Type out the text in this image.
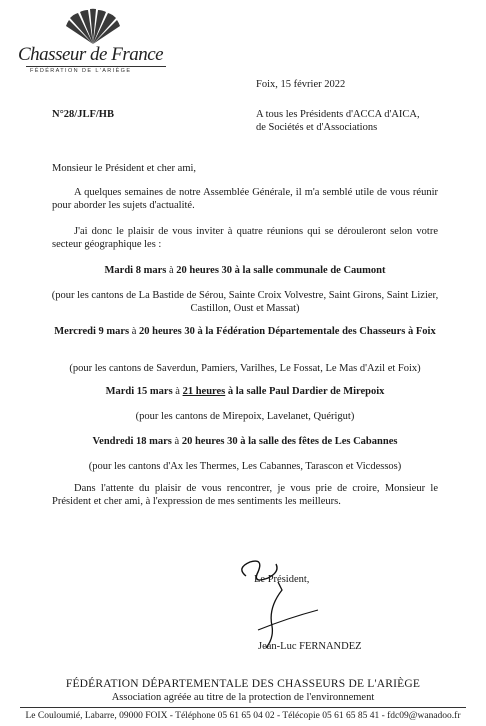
Chasseur de France
FÉDÉRATION DE L'ARIÈGE
Foix, 15 février 2022
N°28/JLF/HB	A tous les Présidents d'ACCA d'AICA,
de Sociétés et d'Associations
Monsieur le Président et cher ami,
A quelques semaines de notre Assemblée Générale, il m'a semblé utile de vous réunir pour aborder les sujets d'actualité.
J'ai donc le plaisir de vous inviter à quatre réunions qui se dérouleront selon votre secteur géographique les :
Mardi 8 mars à 20 heures 30 à la salle communale de Caumont
(pour les cantons de La Bastide de Sérou, Sainte Croix Volvestre, Saint Girons, Saint Lizier, Castillon, Oust et Massat)
Mercredi 9 mars à 20 heures 30 à la Fédération Départementale des Chasseurs à Foix
(pour les cantons de Saverdun, Pamiers, Varilhes, Le Fossat, Le Mas d'Azil et Foix)
Mardi 15 mars à 21 heures à la salle Paul Dardier de Mirepoix
(pour les cantons de Mirepoix, Lavelanet, Quérigut)
Vendredi 18 mars à 20 heures 30 à la salle des fêtes de Les Cabannes
(pour les cantons d'Ax les Thermes, Les Cabannes, Tarascon et Vicdessos)
Dans l'attente du plaisir de vous rencontrer, je vous prie de croire, Monsieur le Président et cher ami, à l'expression de mes sentiments les meilleurs.
Le Président,
Jean-Luc FERNANDEZ
FÉDÉRATION DÉPARTEMENTALE DES CHASSEURS DE L'ARIÈGE
Association agréée au titre de la protection de l'environnement
Le Couloumié, Labarre, 09000 FOIX - Téléphone 05 61 65 04 02 - Télécopie 05 61 65 85 41 - fdc09@wanadoo.fr
